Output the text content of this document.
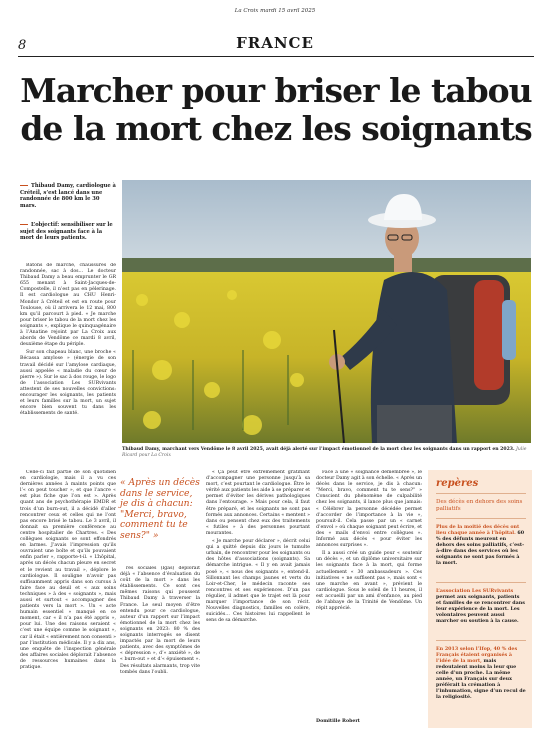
La Croix mardi 15 avril 2025
8	FRANCE
Marcher pour briser le tabou
de la mort chez les soignants
Thibaud Damy, cardiologue à Créteil, s’est lancé dans une randonnée de 800 km le 30 mars.
L’objectif: sensibiliser sur le sujet des soignants face à la mort de leurs patients.

Bâtons de marche, chaussures de randonnée, sac à dos… Le docteur Thibaud Damy a beau emprunter le GR 655 menant à Saint-Jacques-de-Compostelle, il n’est pas en pèlerinage. Il est cardiologue au CHU Henri-Mondor à Créteil et est en route pour Toulouse, où il arrivera le 12 mai, 800 km qu’il parcourt à pied. « Je marche pour briser le tabou de la mort chez les soignants », explique le quinquagénaire à l’Anatine rejoint par La Croix aux abords de Vendôme ce mardi 8 avril, deuxième étape du périple.

Sur son chapeau blanc, une broche « Bécassa amylose » (énergie de son travail décidé sur l’amylose cardiaque, aussi appelée « maladie du cœur de pierre »). Sur le sac à dos rouge, le logo de l’association Les SURvivants attestent de ses nouvelles convictions: encourager les soignants, les patients et leurs familles sur la mort, un sujet encore bien souvent tu dans les établissements de santé.

Celle-ci fait partie de son quotidien en cardiologie, mais il a vu ces dernières années à maints points que l’« on peut toucher », et que l’ancre « est plus fiche que l’on est ». Après quant ans de psychothérapie EMDR et trois d’un burn-out, il a décidé d’aller rencontrer ceux et celles qui ne l’ont pas encore brisé le tabou. Le 3 avril, il donnait sa première conférence au centre hospitalier de Chartres. « Des collègues soignants se sont effondrés en larmes. J’avais l’impression qu’ils ouvraient une boîte et qu’ils pouvaient enfin parler », rapporte-t-il. « L’hôpital, après un décès chacun pleure en secret et le revient au travail », déplore le cardiologue. Il souligne n’avoir pas suffisamment appris dans son cursus à faire face au deuil et « aux soins techniques » à des « soignants », mais aussi et surtout « accompagner des patients vers la mort ». Un « acte humain essentiel » manqué en ce moment, car « il n’a pas été appris », pour lui. Une des raisons seraient « c’est une équipe comme le soignant », car il était « entièrement non consenti » par l’institution médicale. Il y a dix ans, une enquête de l’inspection générale des affaires sociales déplorait l’absence de ressources humaines dans la pratique.

Thibaud Damy, marchant vers Vendôme le 8 avril 2025, avait déjà alerté sur l’impact émotionnel de la mort chez les soignants dans un rapport en 2023. Julie Ricard pour La Croix
« Après un décès dans le service, je dis à chacun: "Merci, bravo, comment tu te sens?" »

res sociales (Igas) déplorait déjà « l’absence d’évaluation du coût de la mort » dans les établissements. Ce sont ces mêmes raisons qui poussent Thibaud Damy à traverser la France. Le seul moyen d’être entendu pour ce cardiologue, auteur d’un rapport sur l’impact émotionnel de la mort chez les soignants en 2023: 80 % des soignants interrogés se disent impactés par la mort de leurs patients, avec des symptômes de « dépression », d’« anxiété », de « burn-out » et d’« épuisement ». Des résultats alarmants, trop vite tombés dans l’oubli.

« Ça peut être extrêmement gratifiant d’accompagner une personne jusqu’à sa mort, c’est pourtant le cardiologue. Être le vérité aux patients les aide à se préparer et permet d’éviter les dérives pathologiques dans l’entourage. » Mais pour cela, il faut être préparé, et les soignants ne sont pas formés aux annonces. Certains « mentent » dans ou pensent chez eux des traitements « futiles » à des personnes pourtant mourantes.

« Je marche pour déclarer », décrit celui qui a quitté depuis dix jours le tumulte urbain, de rencontrer pour les soignants ou des hôtes d’associations (soignants). Sa démarche intrigue. « Il y en avait jamais posé », « nous des soignants », entend-il. Sillonnant les champs jaunes et verts du Loir-et-Cher, le médecin raconte ses rencontres et ses expériences. D’un pas régulier, il admet que le trajet est là pour marquer l’importance de son récit. Nouvelles diagnostics, familles en colère, suicidés… Ces histoires lui rappellent le sens de sa démarche.

Face à une « soignance démembrée », le docteur Damy agit à son échelle. « Après un décès dans le service, je dis à chacun: "Merci, bravo, comment tu te sens?" » Conscient du phénomène de culpabilité chez les soignants, il lance plus que jamais: « Célébrer la personne décédée permet d’accorder de l’importance à la vie », poursuit-il. Cela passe par un « carnet d’envol » où chaque soignant peut écrire, et des « mails d’envoi entre collègues ». Informé aux décès « pour éviter les annonces surprises ».

Il a aussi créé un guide pour « soutenir un décès », et un diplôme universitaire sur les soignants face à la mort, qui forme actuellement « 30 ambassadeurs ». Ces initiatives « ne suffisent pas », mais sont « une marche en avant », prévient le cardiologue. Sous le soleil de 11 heures, il est accueilli par un ami d’enfance, au pied de l’abbaye de la Trinité de Vendôme. Un répit apprécié.

Domitille Robert
repères
Des décès en dehors des soins palliatifs
Plus de la moitié des décès ont lieu chaque année à l’hôpital. 60 % des défunts meurent en dehors des soins palliatifs, c’est-à-dire dans des services où les soignants ne sont pas formés à la mort.
L’association Les SURvivants permet aux soignants, patients et familles de se rencontrer dans leur expérience de la mort. Les volontaires peuvent aussi marcher ou soutien à la cause.
En 2013 selon l’Ifop, 40 % des Français étaient organisés à l’idée de la mort, mais redoutaient moins la leur que celle d’un proche. La même année, un Français sur deux préférait la crémation à l’inhumation, signe d’un recul de la religiosité.
